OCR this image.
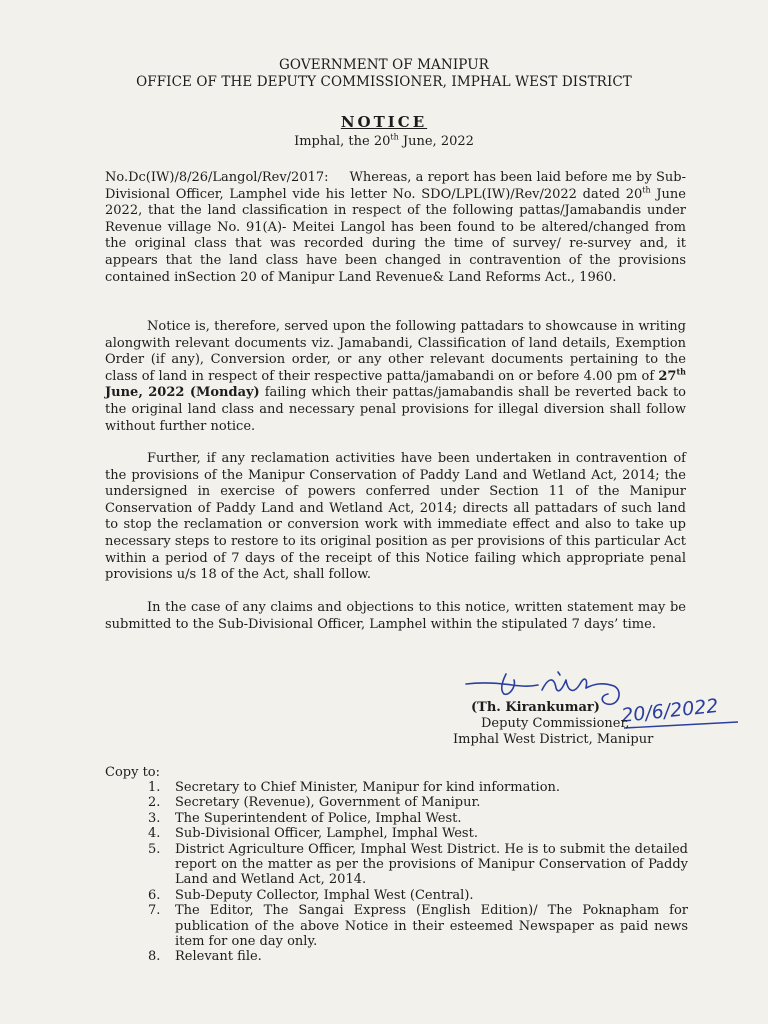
GOVERNMENT OF MANIPUR
OFFICE OF THE DEPUTY COMMISSIONER, IMPHAL WEST DISTRICT
NOTICE
Imphal, the 20th June, 2022
No.Dc(IW)/8/26/Langol/Rev/2017: Whereas, a report has been laid before me by Sub-Divisional Officer, Lamphel vide his letter No. SDO/LPL(IW)/Rev/2022 dated 20th June 2022, that the land classification in respect of the following pattas/Jamabandis under Revenue village No. 91(A)- Meitei Langol has been found to be altered/changed from the original class that was recorded during the time of survey/ re-survey and, it appears that the land class have been changed in contravention of the provisions contained inSection 20 of Manipur Land Revenue& Land Reforms Act., 1960.
Notice is, therefore, served upon the following pattadars to showcause in writing alongwith relevant documents viz. Jamabandi, Classification of land details, Exemption Order (if any), Conversion order, or any other relevant documents pertaining to the class of land in respect of their respective patta/jamabandi on or before 4.00 pm of 27th June, 2022 (Monday) failing which their pattas/jamabandis shall be reverted back to the original land class and necessary penal provisions for illegal diversion shall follow without further notice.
Further, if any reclamation activities have been undertaken in contravention of the provisions of the Manipur Conservation of Paddy Land and Wetland Act, 2014; the undersigned in exercise of powers conferred under Section 11 of the Manipur Conservation of Paddy Land and Wetland Act, 2014; directs all pattadars of such land to stop the reclamation or conversion work with immediate effect and also to take up necessary steps to restore to its original position as per provisions of this particular Act within a period of 7 days of the receipt of this Notice failing which appropriate penal provisions u/s 18 of the Act, shall follow.
In the case of any claims and objections to this notice, written statement may be submitted to the Sub-Divisional Officer, Lamphel within the stipulated 7 days’ time.
20/6/2022
(Th. Kirankumar)
Deputy Commissioner,
Imphal West District, Manipur
Copy to:
1. Secretary to Chief Minister, Manipur for kind information.
2. Secretary (Revenue), Government of Manipur.
3. The Superintendent of Police, Imphal West.
4. Sub-Divisional Officer, Lamphel, Imphal West.
5. District Agriculture Officer, Imphal West District. He is to submit the detailed report on the matter as per the provisions of Manipur Conservation of Paddy Land and Wetland Act, 2014.
6. Sub-Deputy Collector, Imphal West (Central).
7. The Editor, The Sangai Express (English Edition)/ The Poknapham for publication of the above Notice in their esteemed Newspaper as paid news item for one day only.
8. Relevant file.
